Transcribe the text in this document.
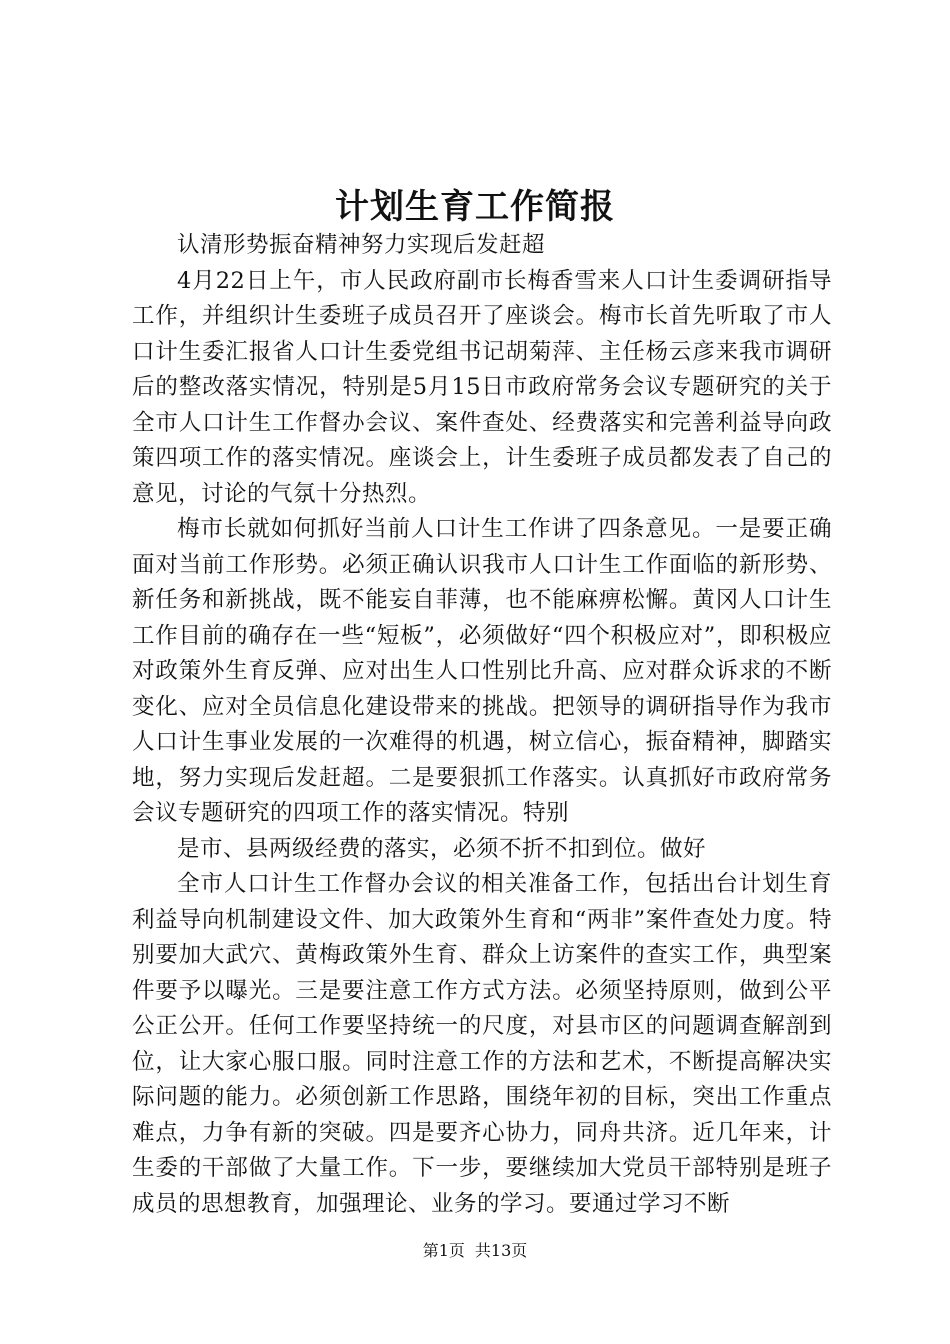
计划生育工作简报

认清形势振奋精神努力实现后发赶超

4月22日上午，市人民政府副市长梅香雪来人口计生委调研指导工作，并组织计生委班子成员召开了座谈会。梅市长首先听取了市人口计生委汇报省人口计生委党组书记胡菊萍、主任杨云彦来我市调研后的整改落实情况，特别是5月15日市政府常务会议专题研究的关于全市人口计生工作督办会议、案件查处、经费落实和完善利益导向政策四项工作的落实情况。座谈会上，计生委班子成员都发表了自己的意见，讨论的气氛十分热烈。

梅市长就如何抓好当前人口计生工作讲了四条意见。一是要正确面对当前工作形势。必须正确认识我市人口计生工作面临的新形势、新任务和新挑战，既不能妄自菲薄，也不能麻痹松懈。黄冈人口计生工作目前的确存在一些“短板”，必须做好“四个积极应对”，即积极应对政策外生育反弹、应对出生人口性别比升高、应对群众诉求的不断变化、应对全员信息化建设带来的挑战。把领导的调研指导作为我市人口计生事业发展的一次难得的机遇，树立信心，振奋精神，脚踏实地，努力实现后发赶超。二是要狠抓工作落实。认真抓好市政府常务会议专题研究的四项工作的落实情况。特别

是市、县两级经费的落实，必须不折不扣到位。做好

全市人口计生工作督办会议的相关准备工作，包括出台计划生育利益导向机制建设文件、加大政策外生育和“两非”案件查处力度。特别要加大武穴、黄梅政策外生育、群众上访案件的查实工作，典型案件要予以曝光。三是要注意工作方式方法。必须坚持原则，做到公平公正公开。任何工作要坚持统一的尺度，对县市区的问题调查解剖到位，让大家心服口服。同时注意工作的方法和艺术，不断提高解决实际问题的能力。必须创新工作思路，围绕年初的目标，突出工作重点难点，力争有新的突破。四是要齐心协力，同舟共济。近几年来，计生委的干部做了大量工作。下一步，要继续加大党员干部特别是班子成员的思想教育，加强理论、业务的学习。要通过学习不断

第1页 共13页
